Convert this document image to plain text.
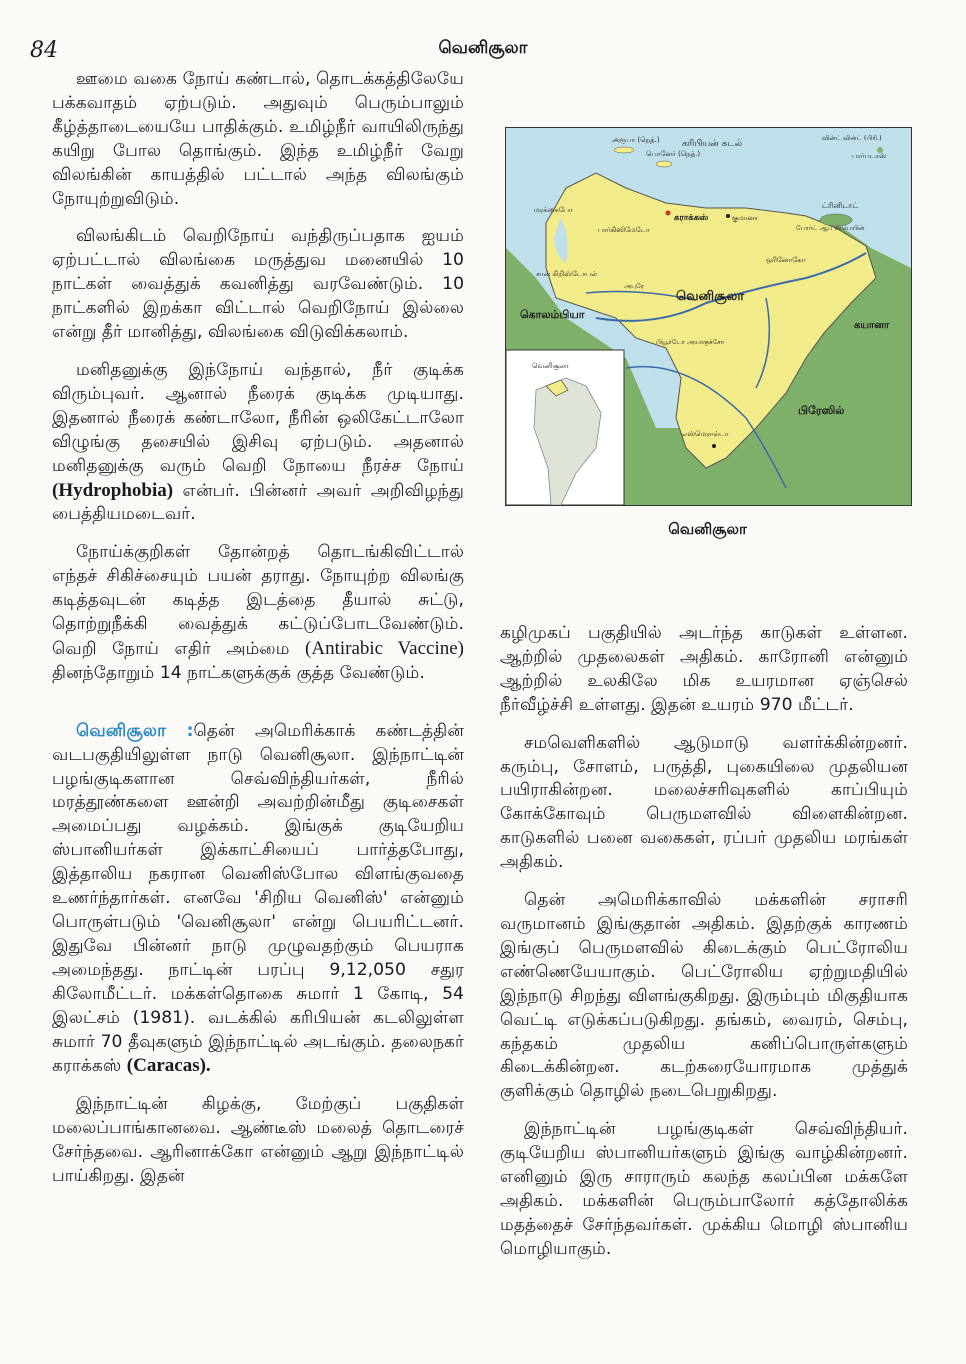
84	வெனிசூலா

ஊமை வகை நோய் கண்டால், தொடக்கத்திலேயே பக்கவாதம் ஏற்படும். அதுவும் பெரும்பாலும் கீழ்த்தாடையையே பாதிக்கும். உமிழ்நீர் வாயிலிருந்து கயிறு போல தொங்கும். இந்த உமிழ்நீர் வேறு விலங்கின் காயத்தில் பட்டால் அந்த விலங்கும் நோயுற்றுவிடும்.

விலங்கிடம் வெறிநோய் வந்திருப்பதாக ஐயம் ஏற்பட்டால் விலங்கை மருத்துவ மனையில் 10 நாட்கள் வைத்துக் கவனித்து வரவேண்டும். 10 நாட்களில் இறக்கா விட்டால் வெறிநோய் இல்லை என்று தீர் மானித்து, விலங்கை விடுவிக்கலாம்.

மனிதனுக்கு இந்நோய் வந்தால், நீர் குடிக்க விரும்புவர். ஆனால் நீரைக் குடிக்க முடியாது. இதனால் நீரைக் கண்டாலோ, நீரின் ஒலிகேட்டாலோ விழுங்கு தசையில் இசிவு ஏற்படும். அதனால் மனிதனுக்கு வரும் வெறி நோயை நீரச்ச நோய் (Hydrophobia) என்பர். பின்னர் அவர் அறிவிழந்து பைத்தியமடைவர்.

நோய்க்குறிகள் தோன்றத் தொடங்கிவிட்டால் எந்தச் சிகிச்சையும் பயன் தராது. நோயுற்ற விலங்கு கடித்தவுடன் கடித்த இடத்தை தீயால் சுட்டு, தொற்றுநீக்கி வைத்துக் கட்டுப்போடவேண்டும். வெறி நோய் எதிர் அம்மை (Antirabic Vaccine) தினந்தோறும் 14 நாட்களுக்குக் குத்த வேண்டும்.

வெனிசூலா :தென் அமெரிக்காக் கண்டத்தின் வடபகுதியிலுள்ள நாடு வெனிசூலா. இந்நாட்டின் பழங்குடிகளான செவ்விந்தியர்கள், நீரில் மரத்தூண்களை ஊன்றி அவற்றின்மீது குடிசைகள் அமைப்பது வழக்கம். இங்குக் குடியேறிய ஸ்பானியர்கள் இக்காட்சியைப் பார்த்தபோது, இத்தாலிய நகரான வெனிஸ்போல விளங்குவதை உணர்ந்தார்கள். எனவே 'சிறிய வெனிஸ்' என்னும் பொருள்படும் 'வெனிசூலா' என்று பெயரிட்டனர். இதுவே பின்னர் நாடு முழுவதற்கும் பெயராக அமைந்தது. நாட்டின் பரப்பு 9,12,050 சதுர கிலோமீட்டர். மக்கள்தொகை சுமார் 1 கோடி, 54 இலட்சம் (1981). வடக்கில் கரிபியன் கடலிலுள்ள சுமார் 70 தீவுகளும் இந்நாட்டில் அடங்கும். தலைநகர் கராக்கஸ் (Caracas).

இந்நாட்டின் கிழக்கு, மேற்குப் பகுதிகள் மலைப்பாங்கானவை. ஆண்டீஸ் மலைத் தொடரைச் சேர்ந்தவை. ஆரினாக்கோ என்னும் ஆறு இந்நாட்டில் பாய்கிறது. இதன்

அரூபா (நெத்.)
பொனேர் (நெத்.)
கரிபியன் கடல்
வின்ட் வின்ட் (பிரி.)
பார்படாஸ்
மரக்கைபோ
கராக்கஸ்	குமானா
ட்ரினிடாட்
போர்ட் ஆப் ஸ்பெயின்
பார்கிஸிமேடோ
சான் கிறிஸ்டோபல்
அபுரே
ஒரினோகோ
வெனிசூலா
கொலம்பியா
கயானா
பியூர்டோ அயாகுச்சோ
எஸ்மெரால்டா
பிரேஸில்
வெனிசூலா
வெனிசூலா

கழிமுகப் பகுதியில் அடர்ந்த காடுகள் உள்ளன. ஆற்றில் முதலைகள் அதிகம். காரோனி என்னும் ஆற்றில் உலகிலே மிக உயரமான ஏஞ்செல் நீர்வீழ்ச்சி உள்ளது. இதன் உயரம் 970 மீட்டர்.

சமவெளிகளில் ஆடுமாடு வளர்க்கின்றனர். கரும்பு, சோளம், பருத்தி, புகையிலை முதலியன பயிராகின்றன. மலைச்சரிவுகளில் காப்பியும் கோக்கோவும் பெருமளவில் விளைகின்றன. காடுகளில் பனை வகைகள், ரப்பர் முதலிய மரங்கள் அதிகம்.

தென் அமெரிக்காவில் மக்களின் சராசரி வருமானம் இங்குதான் அதிகம். இதற்குக் காரணம் இங்குப் பெருமளவில் கிடைக்கும் பெட்ரோலிய எண்ணெயேயாகும். பெட்ரோலிய ஏற்றுமதியில் இந்நாடு சிறந்து விளங்குகிறது. இரும்பும் மிகுதியாக வெட்டி எடுக்கப்படுகிறது. தங்கம், வைரம், செம்பு, கந்தகம் முதலிய கனிப்பொருள்களும் கிடைக்கின்றன. கடற்கரையோரமாக முத்துக் குளிக்கும் தொழில் நடைபெறுகிறது.

இந்நாட்டின் பழங்குடிகள் செவ்விந்தியர். குடியேறிய ஸ்பானியர்களும் இங்கு வாழ்கின்றனர். எனினும் இரு சாராரும் கலந்த கலப்பின மக்களே அதிகம். மக்களின் பெரும்பாலோர் கத்தோலிக்க மதத்தைச் சேர்ந்தவர்கள். முக்கிய மொழி ஸ்பானிய மொழியாகும்.
